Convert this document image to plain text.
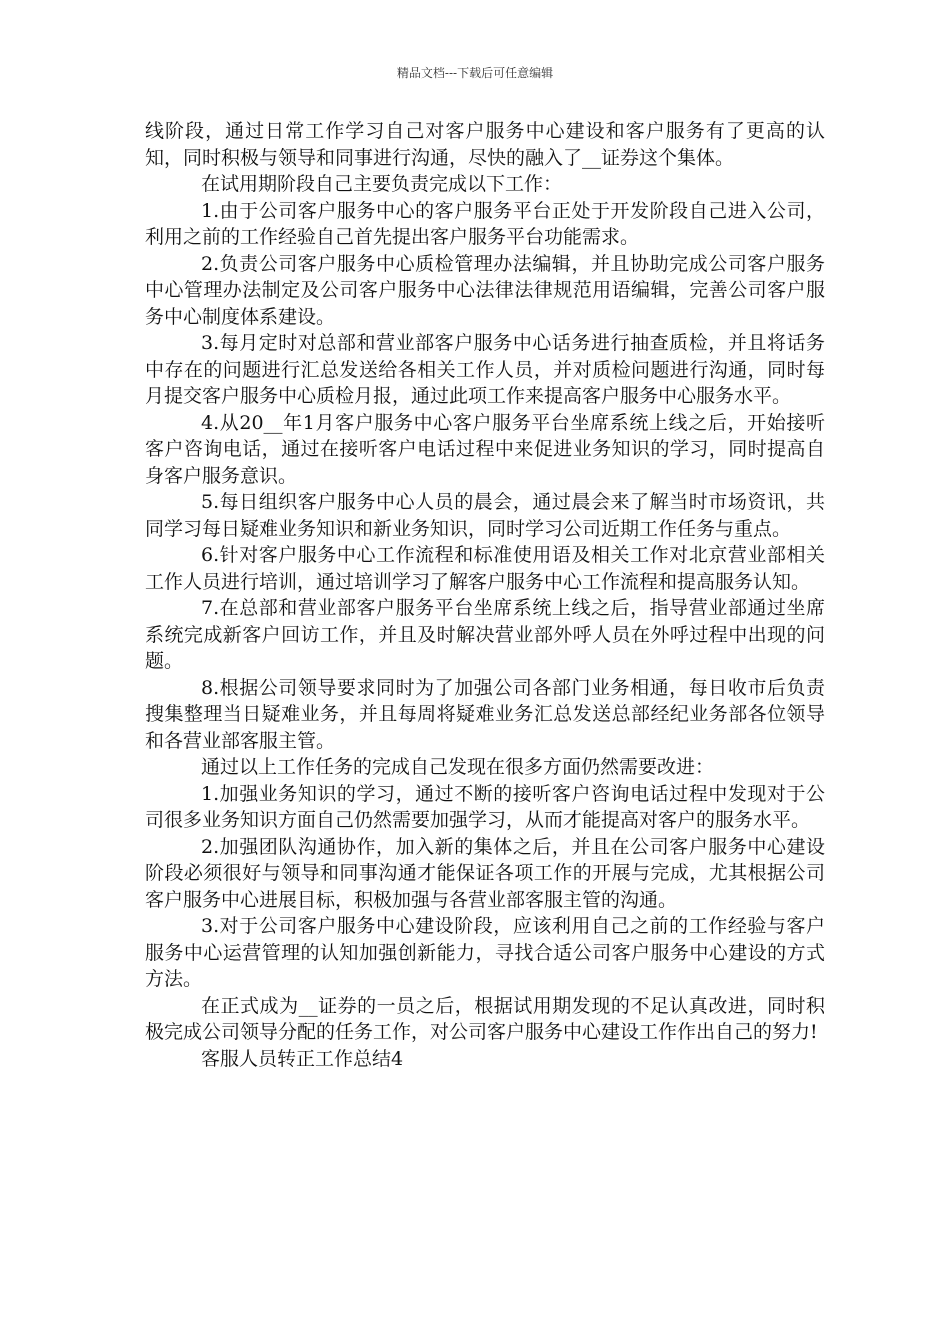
精品文档---下载后可任意编辑

线阶段，通过日常工作学习自己对客户服务中心建设和客户服务有了更高的认知，同时积极与领导和同事进行沟通，尽快的融入了__证券这个集体。

在试用期阶段自己主要负责完成以下工作：

1.由于公司客户服务中心的客户服务平台正处于开发阶段自己进入公司，利用之前的工作经验自己首先提出客户服务平台功能需求。

2.负责公司客户服务中心质检管理办法编辑，并且协助完成公司客户服务中心管理办法制定及公司客户服务中心法律法律规范用语编辑，完善公司客户服务中心制度体系建设。

3.每月定时对总部和营业部客户服务中心话务进行抽查质检，并且将话务中存在的问题进行汇总发送给各相关工作人员，并对质检问题进行沟通，同时每月提交客户服务中心质检月报，通过此项工作来提高客户服务中心服务水平。

4.从20__年1月客户服务中心客户服务平台坐席系统上线之后，开始接听客户咨询电话，通过在接听客户电话过程中来促进业务知识的学习，同时提高自身客户服务意识。

5.每日组织客户服务中心人员的晨会，通过晨会来了解当时市场资讯，共同学习每日疑难业务知识和新业务知识，同时学习公司近期工作任务与重点。

6.针对客户服务中心工作流程和标准使用语及相关工作对北京营业部相关工作人员进行培训，通过培训学习了解客户服务中心工作流程和提高服务认知。

7.在总部和营业部客户服务平台坐席系统上线之后，指导营业部通过坐席系统完成新客户回访工作，并且及时解决营业部外呼人员在外呼过程中出现的问题。

8.根据公司领导要求同时为了加强公司各部门业务相通，每日收市后负责搜集整理当日疑难业务，并且每周将疑难业务汇总发送总部经纪业务部各位领导和各营业部客服主管。

通过以上工作任务的完成自己发现在很多方面仍然需要改进：

1.加强业务知识的学习，通过不断的接听客户咨询电话过程中发现对于公司很多业务知识方面自己仍然需要加强学习，从而才能提高对客户的服务水平。

2.加强团队沟通协作，加入新的集体之后，并且在公司客户服务中心建设阶段必须很好与领导和同事沟通才能保证各项工作的开展与完成，尤其根据公司客户服务中心进展目标，积极加强与各营业部客服主管的沟通。

3.对于公司客户服务中心建设阶段，应该利用自己之前的工作经验与客户服务中心运营管理的认知加强创新能力，寻找合适公司客户服务中心建设的方式方法。

在正式成为__证券的一员之后，根据试用期发现的不足认真改进，同时积极完成公司领导分配的任务工作，对公司客户服务中心建设工作作出自己的努力!

客服人员转正工作总结4
